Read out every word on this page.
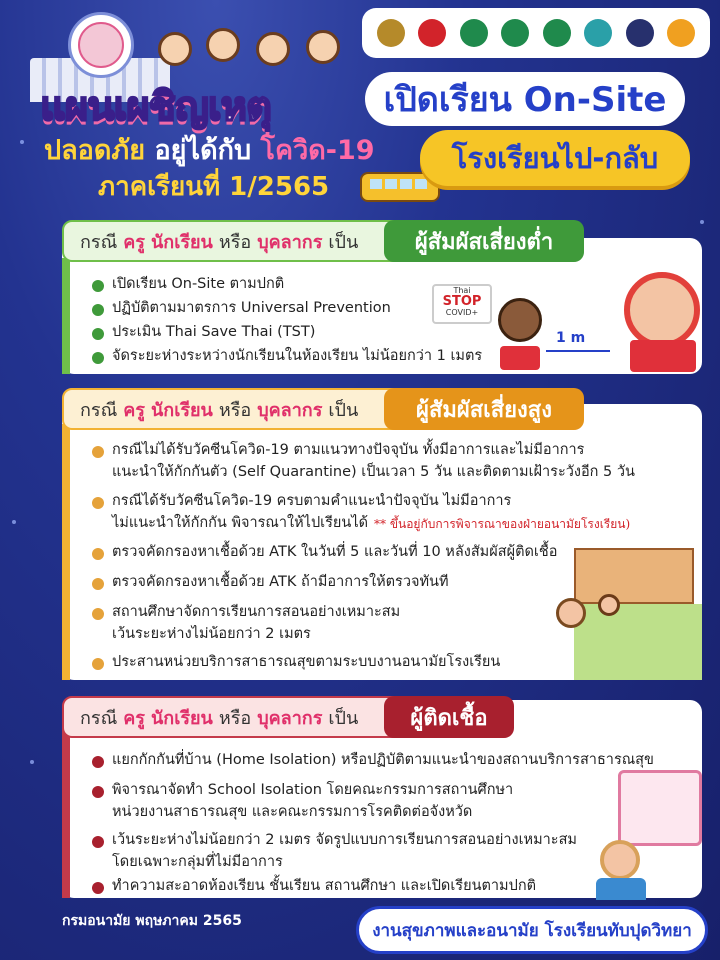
แผนเผชิญเหตุ	เปิดเรียน On-Site
ปลอดภัย อยู่ได้กับ โควิด-19
ภาคเรียนที่ 1/2565
โรงเรียนไป-กลับ
กรณี ครู นักเรียน หรือ บุคลากร เป็น	ผู้สัมผัสเสี่ยงต่ำ
เปิดเรียน On-Site ตามปกติ
ปฏิบัติตามมาตรการ Universal Prevention
ประเมิน Thai Save Thai (TST)
จัดระยะห่างระหว่างนักเรียนในห้องเรียน ไม่น้อยกว่า 1 เมตร
Thai
STOP
COVID+
1 m
กรณี ครู นักเรียน หรือ บุคลากร เป็น	ผู้สัมผัสเสี่ยงสูง
กรณีไม่ได้รับวัคซีนโควิด-19 ตามแนวทางปัจจุบัน ทั้งมีอาการและไม่มีอาการ
แนะนำให้กักกันตัว (Self Quarantine) เป็นเวลา 5 วัน และติดตามเฝ้าระวังอีก 5 วัน
กรณีได้รับวัคซีนโควิด-19 ครบตามคำแนะนำปัจจุบัน ไม่มีอาการ
ไม่แนะนำให้กักกัน พิจารณาให้ไปเรียนได้ ** ขึ้นอยู่กับการพิจารณาของฝ่ายอนามัยโรงเรียน)
ตรวจคัดกรองหาเชื้อด้วย ATK ในวันที่ 5 และวันที่ 10 หลังสัมผัสผู้ติดเชื้อ
ตรวจคัดกรองหาเชื้อด้วย ATK ถ้ามีอาการให้ตรวจทันที
สถานศึกษาจัดการเรียนการสอนอย่างเหมาะสม
เว้นระยะห่างไม่น้อยกว่า 2 เมตร
ประสานหน่วยบริการสาธารณสุขตามระบบงานอนามัยโรงเรียน
กรณี ครู นักเรียน หรือ บุคลากร เป็น	ผู้ติดเชื้อ
แยกกักกันที่บ้าน (Home Isolation) หรือปฏิบัติตามแนะนำของสถานบริการสาธารณสุข
พิจารณาจัดทำ School Isolation โดยคณะกรรมการสถานศึกษา
หน่วยงานสาธารณสุข และคณะกรรมการโรคติดต่อจังหวัด
เว้นระยะห่างไม่น้อยกว่า 2 เมตร จัดรูปแบบการเรียนการสอนอย่างเหมาะสม
โดยเฉพาะกลุ่มที่ไม่มีอาการ
ทำความสะอาดห้องเรียน ชั้นเรียน สถานศึกษา และเปิดเรียนตามปกติ
กรมอนามัย พฤษภาคม 2565	งานสุขภาพและอนามัย โรงเรียนทับปุดวิทยา
